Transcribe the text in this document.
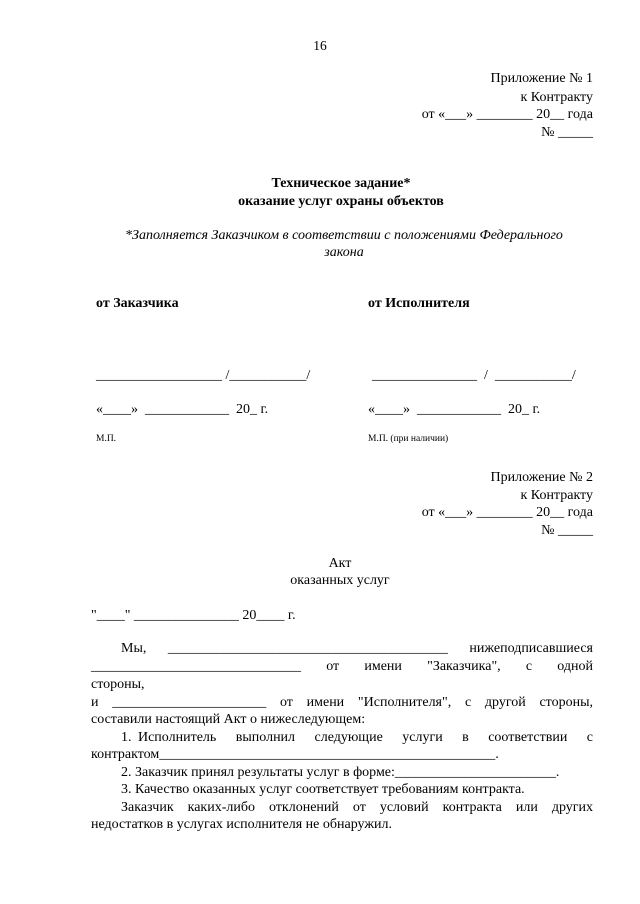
16
Приложение № 1
к Контракту
от «___» ________ 20__ года
№ _____
Техническое задание*
оказание услуг охраны объектов
*Заполняется Заказчиком в соответствии с положениями Федерального
закона
от Заказчика	от Исполнителя
__________________ /___________/	_______________  /  ___________/
«____»  ____________  20_ г.	«____»  ____________  20_ г.
М.П.	М.П. (при наличии)
Приложение № 2
к Контракту
от «___» ________ 20__ года
№ _____
Акт
оказанных услуг
"____" _______________ 20____ г.
Мы, ________________________________________ нижеподписавшиеся
______________________________  от  имени  "Заказчика",  с  одной
стороны,
и  ______________________  от  имени  "Исполнителя",  с  другой  стороны,
составили настоящий Акт о нижеследующем:
1. Исполнитель   выполнил   следующие   услуги   в   соответствии   с
контрактом________________________________________________.
2. Заказчик принял результаты услуг в форме:_______________________.
3. Качество оказанных услуг соответствует требованиям контракта.
Заказчик  каких-либо  отклонений  от  условий  контракта  или  других
недостатков в услугах исполнителя не обнаружил.
